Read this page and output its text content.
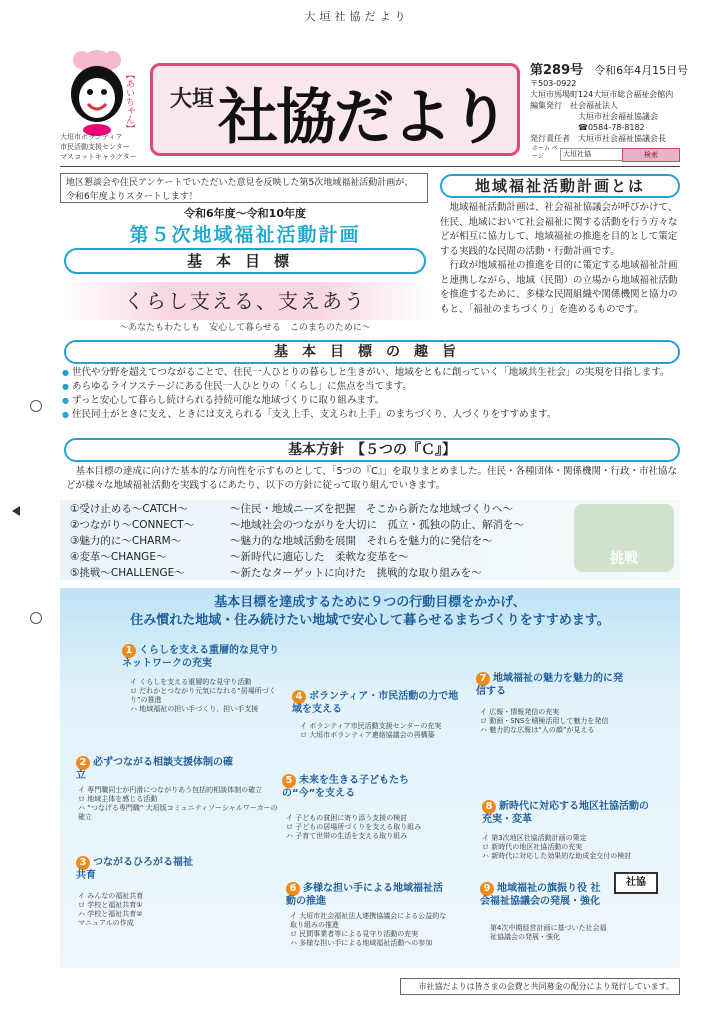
大垣社協だより
【あいちゃん】
大垣市ボランティア
市民活動支援センター
マスコットキャラクター
大垣 社協だより
第289号　 令和6年4月15日号
〒503-0922
大垣市馬場町124大垣市総合福祉会館内
編集発行　 社会福祉法人
大垣市社会福祉協議会
☎0584-78-8182
発行責任者　 大垣市社会福祉協議会長
ホーム ページ	大垣社協	検索
地区懇談会や住民アンケートでいただいた意見を反映した第5次地域福祉活動計画が、令和6年度よりスタートします！
令和6年度～令和10年度
第５次地域福祉活動計画
基本目標
くらし支える、支えあう
～あなたもわたしも　安心して暮らせる　このまちのために～
地域福祉活動計画とは
地域福祉活動計画は、社会福祉協議会が呼びかけて、住民、地域において社会福祉に関する活動を行う方々などが相互に協力して、地域福祉の推進を目的として策定する実践的な民間の活動・行動計画です。
行政が地域福祉の推進を目的に策定する地域福祉計画と連携しながら、地域（民間）の立場から地域福祉活動を推進するために、多様な民間組織や関係機関と協力のもと、「福祉のまちづくり」を進めるものです。
基本目標の趣旨
● 世代や分野を超えてつながることで、住民一人ひとりの暮らしと生きがい、地域をともに創っていく「地域共生社会」の実現を目指します。
● あらゆるライフステージにある住民一人ひとりの「くらし」に焦点を当てます。
● ずっと安心して暮らし続けられる持続可能な地域づくりに取り組みます。
● 住民同士がときに支え、ときには支えられる「支え上手、支えられ上手」のまちづくり、人づくりをすすめます。
基本方針　【５つの『Ｃ』】
基本目標の達成に向けた基本的な方向性を示すものとして、「5つの『C』」を取りまとめました。住民・各種団体・関係機関・行政・市社協などが様々な地域福祉活動を実践するにあたり、以下の方針に従って取り組んでいきます。
挑戦
①受け止める～CATCH～	～住民・地域ニーズを把握　そこから新たな地域づくりへ～
②つながり～CONNECT～	～地域社会のつながりを大切に　孤立・孤独の防止、解消を～
③魅力的に～CHARM～	～魅力的な地域活動を展開　それらを魅力的に発信を～
④変革～CHANGE～	～新時代に適応した　柔軟な変革を～
⑤挑戦～CHALLENGE～	～新たなターゲットに向けた　挑戦的な取り組みを～
基本目標を達成するために９つの行動目標をかかげ、
住み慣れた地域・住み続けたい地域で安心して暮らせるまちづくりをすすめます。
1 くらしを支える重層的な見守りネットワークの充実
イ くらしを支える重層的な見守り活動
ロ だれかとつながり元気になれる“居場所づくり”の推進
ハ 地域福祉の担い手づくり、担い手支援
2 必ずつながる相談支援体制の確立
イ 専門職同士が円滑につながりあう包括的相談体制の確立
ロ 地域主体を感じる活動
ハ “つなげる専門職” 大垣版コミュニティソーシャルワーカーの確立
3 つながるひろがる福祉共育
イ みんなの福祉共育
ロ 学校と福祉共育①
ハ 学校と福祉共育②
マニュアルの作成
4 ボランティア・市民活動の力で地域を支える
イ ボランティア市民活動支援センターの充実
ロ 大垣市ボランティア連絡協議会の再構築
5 未来を生きる子どもたちの“今”を支える
イ 子どもの貧困に寄り添う支援の検討
ロ 子どもの居場所づくりを支える取り組み
ハ 子育て世帯の生活を支える取り組み
6 多様な担い手による地域福祉活動の推進
イ 大垣市社会福祉法人連携協議会による公益的な取り組みの推進
ロ 民間事業者等による見守り活動の充実
ハ 多様な担い手による地域福祉活動への参加
7 地域福祉の魅力を魅力的に発信する
イ 広報・情報発信の充実
ロ 動画・SNSを積極活用して魅力を発信
ハ 魅力的な広報は“人の顔”が見える
8 新時代に対応する地区社協活動の充実・変革
イ 第3次地区社協活動計画の策定
ロ 新時代の地区社協活動の充実
ハ 新時代に対応した効果的な助成金交付の検討
9 地域福祉の旗振り役 社会福祉協議会の発展・強化
第4次中期経営計画に基づいた社会福祉協議会の発展・強化
社協
市社協だよりは皆さまの会費と共同募金の配分により発行しています。
